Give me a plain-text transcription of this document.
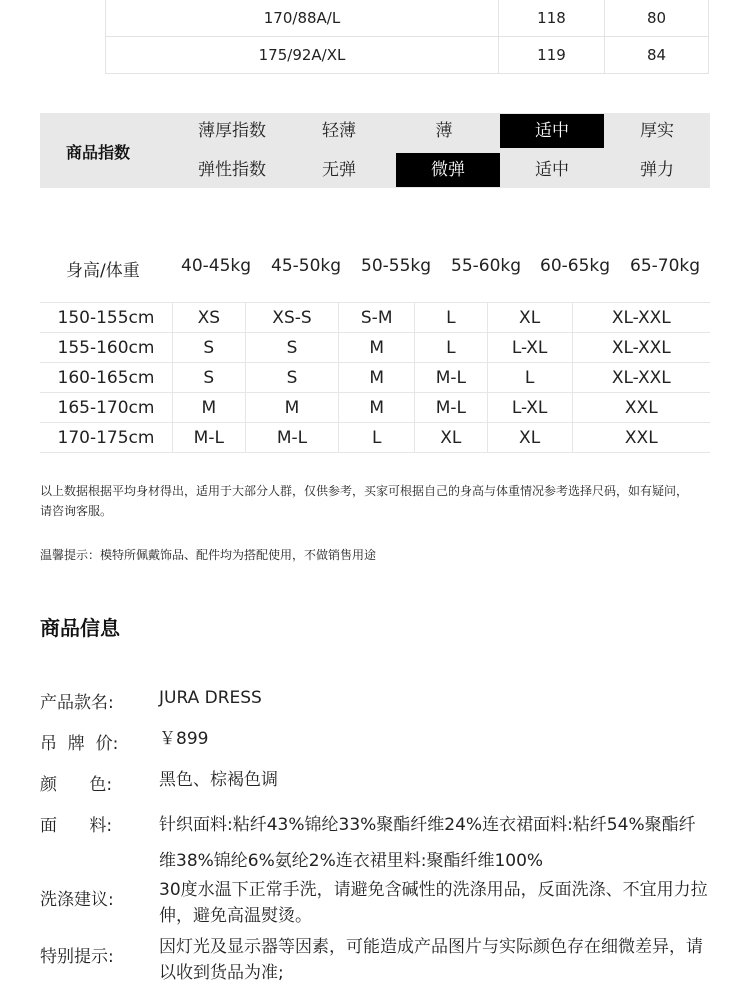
170/88A/L	118	80
175/92A/XL	119	84
商品指数
薄厚指数	轻薄	薄	适中	厚实
弹性指数	无弹	微弹	适中	弹力
身高/体重 40-45kg 45-50kg 50-55kg 55-60kg 60-65kg 65-70kg
150-155cm	XS	XS-S	S-M	L	XL	XL-XXL
155-160cm	S	S	M	L	L-XL	XL-XXL
160-165cm	S	S	M	M-L	L	XL-XXL
165-170cm	M	M	M	M-L	L-XL	XXL
170-175cm	M-L	M-L	L	XL	XL	XXL
以上数据根据平均身材得出，适用于大部分人群，仅供参考，买家可根据自己的身高与体重情况参考选择尺码，如有疑问，请咨询客服。
温馨提示：模特所佩戴饰品、配件均为搭配使用，不做销售用途
商品信息
产品款名:	JURA DRESS
吊  牌  价: ￥899
颜      色:	黑色、棕褐色调
面      料:	针织面料:粘纤43%锦纶33%聚酯纤维24%连衣裙面料:粘纤54%聚酯纤维38%锦纶6%氨纶2%连衣裙里料:聚酯纤维100%
洗涤建议:	30度水温下正常手洗，请避免含碱性的洗涤用品，反面洗涤、不宜用力拉伸，避免高温熨烫。
特别提示:	因灯光及显示器等因素，可能造成产品图片与实际颜色存在细微差异，请以收到货品为准;
